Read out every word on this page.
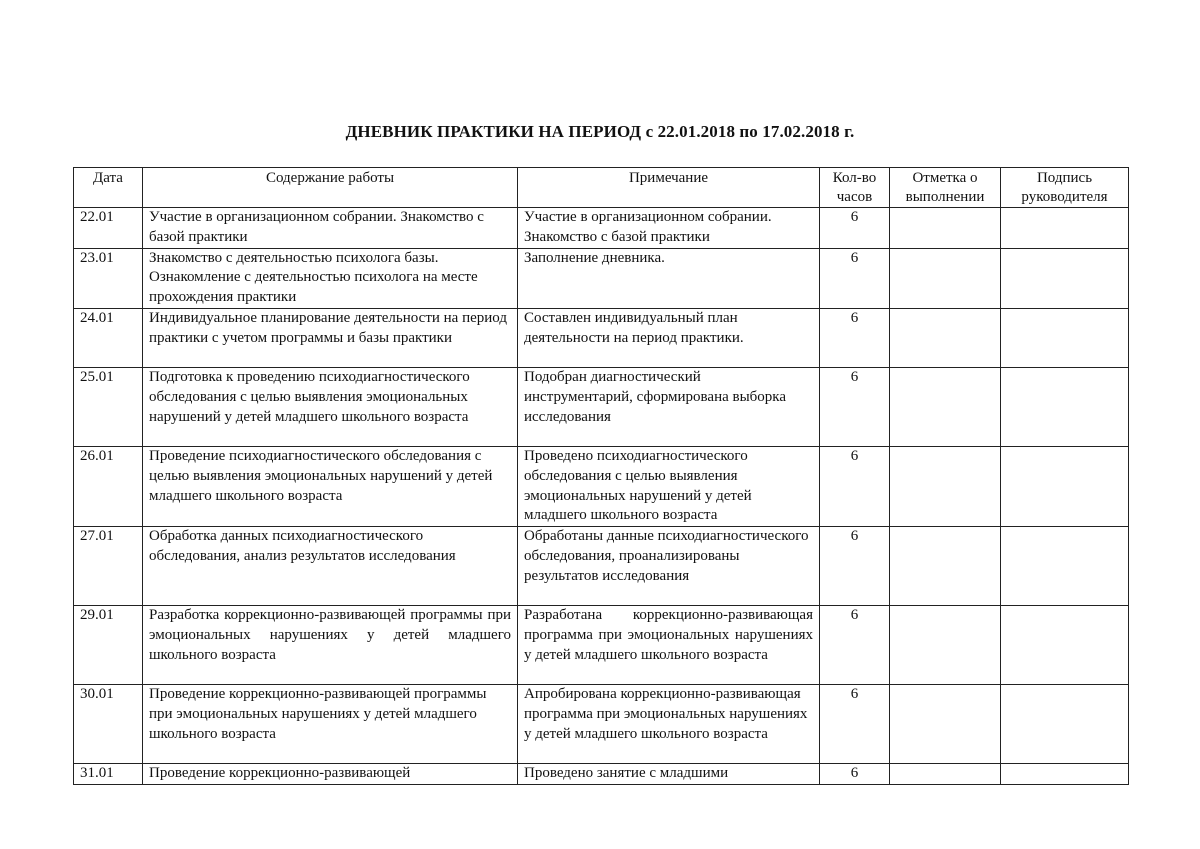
ДНЕВНИК ПРАКТИКИ НА ПЕРИОД с 22.01.2018 по 17.02.2018 г.
Дата	Содержание работы	Примечание	Кол-во часов	Отметка о выполнении	Подпись руководителя
22.01	Участие в организационном собрании. Знакомство с базой практики	Участие в организационном собрании. Знакомство с базой практики	6		
23.01	Знакомство с деятельностью психолога базы. Ознакомление с деятельностью психолога на месте прохождения практики	Заполнение дневника.	6		
24.01	Индивидуальное планирование деятельности на период практики с учетом программы и базы практики	Составлен индивидуальный план деятельности на период практики.	6		
25.01	Подготовка к проведению психодиагностического обследования с целью выявления эмоциональных нарушений у детей младшего школьного возраста	Подобран диагностический инструментарий, сформирована выборка исследования	6		
26.01	Проведение психодиагностического обследования с целью выявления эмоциональных нарушений у детей младшего школьного возраста	Проведено психодиагностического обследования с целью выявления эмоциональных нарушений у детей младшего школьного возраста	6		
27.01	Обработка данных психодиагностического обследования, анализ результатов исследования	Обработаны данные психодиагностического обследования, проанализированы результатов исследования	6		
29.01	Разработка коррекционно-развивающей программы при эмоциональных нарушениях у детей младшего школьного возраста	Разработана коррекционно-развивающая программа при эмоциональных нарушениях у детей младшего школьного возраста	6		
30.01	Проведение коррекционно-развивающей программы при эмоциональных нарушениях у детей младшего школьного возраста	Апробирована коррекционно-развивающая программа при эмоциональных нарушениях у детей младшего школьного возраста	6		
31.01	Проведение коррекционно-развивающей	Проведено занятие с младшими	6		
